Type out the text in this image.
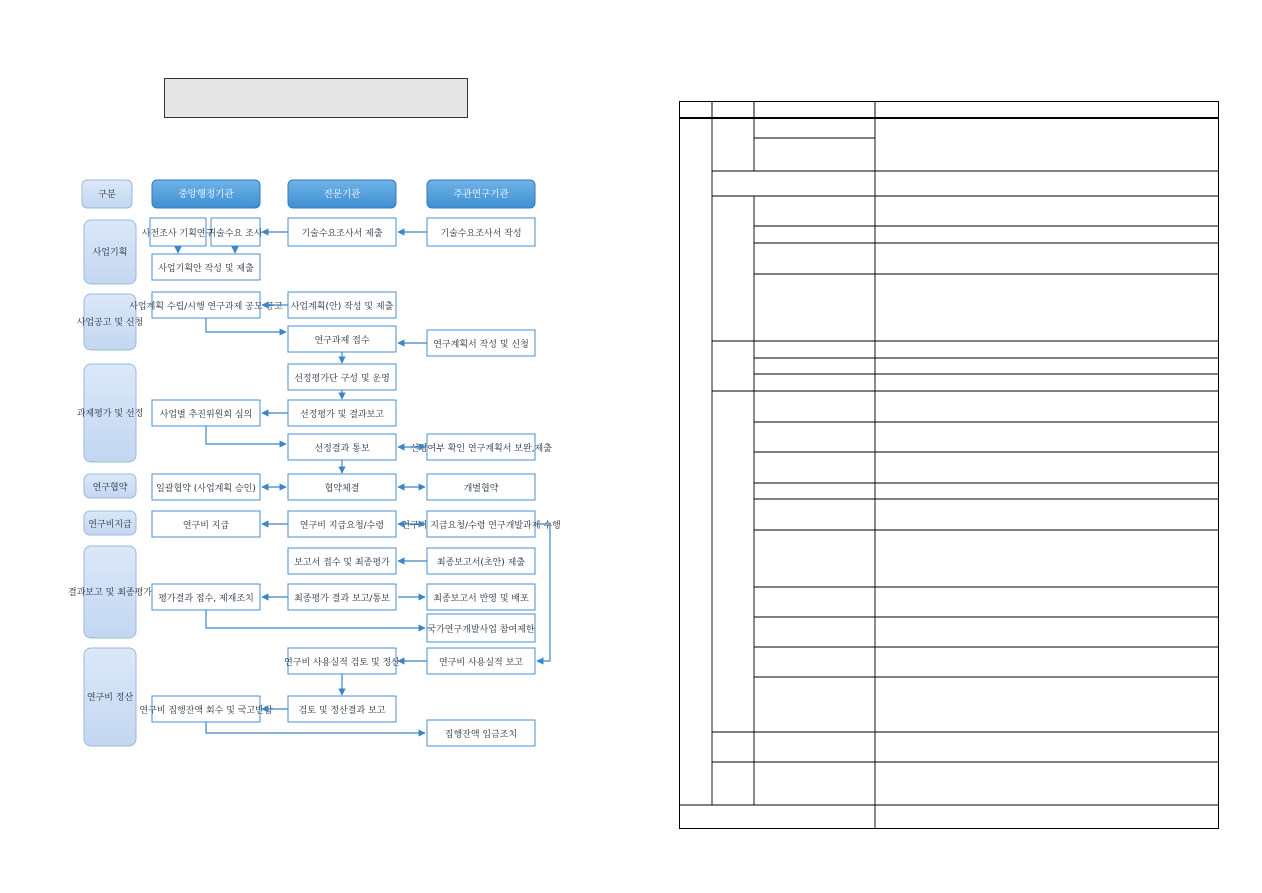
구분	중앙행정기관	전문기관	주관연구기관
사업기획
사업공고 및 신청
과제평가 및 선정
연구협약
연구비지급
결과보고 및 최종평가
연구비 정산
사전조사 기획연구
기술수요 조사
사업기획안 작성 및 제출
사업계획 수립/시행 연구과제 공모 공고
사업별 추진위원회 심의
일괄협약 (사업계획 승인)
연구비 지급
평가결과 접수, 제재조치
연구비 집행잔액 회수 및 국고반납
기술수요조사서 제출
사업계획(안) 작성 및 제출
연구과제 접수
선정평가단 구성 및 운영
선정평가 및 결과보고
선정결과 통보
협약체결
연구비 지급요청/수령
보고서 접수 및 최종평가
최종평가 결과 보고/통보
연구비 사용실적 검토 및 정산
검토 및 정산결과 보고
기술수요조사서 작성
연구계획서 작성 및 신청
선정여부 확인 연구계획서 보완,제출
개별협약
연구비 지급요청/수령 연구개발과제 수행
최종보고서(초안) 제출
최종보고서 반영 및 배포
국가연구개발사업 참여제한
연구비 사용실적 보고
집행잔액 입금조치
